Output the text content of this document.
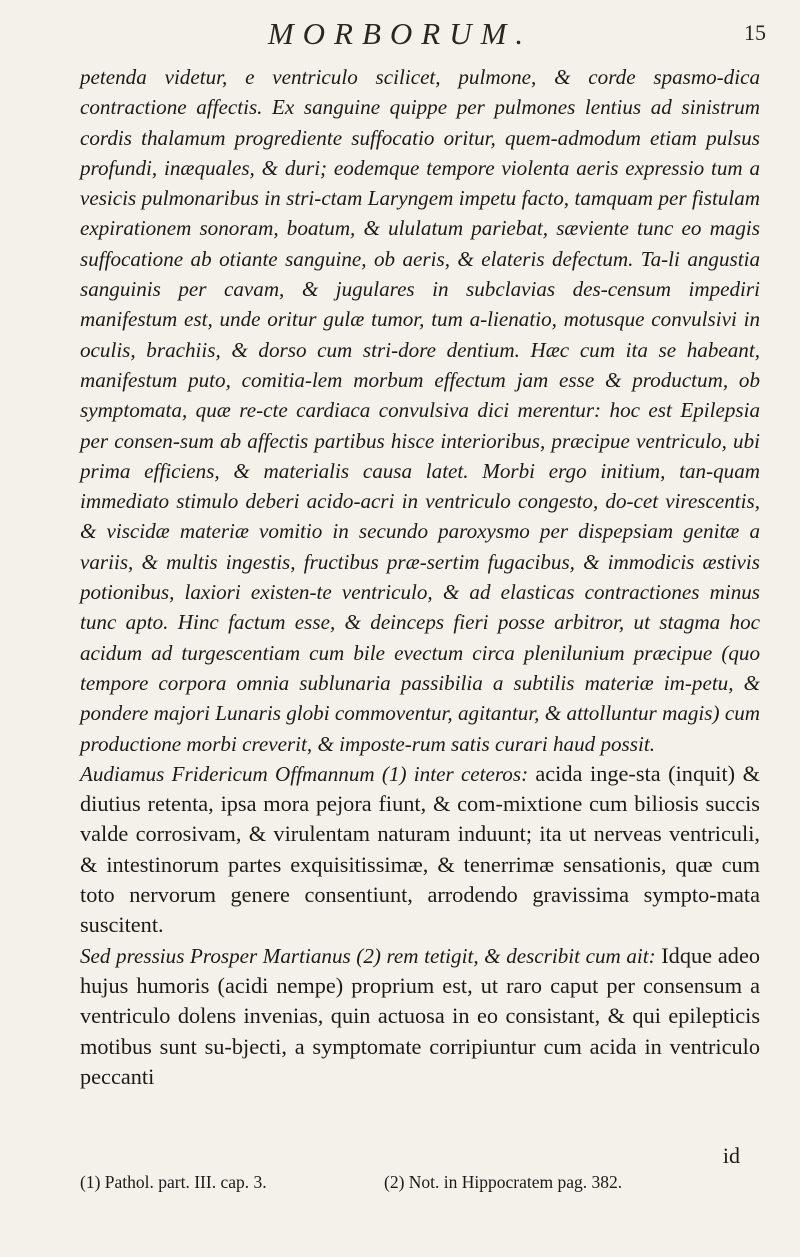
MORBORUM.	15

petenda videtur, e ventriculo scilicet, pulmone, & corde spasmo-dica contractione affectis. Ex sanguine quippe per pulmones lentius ad sinistrum cordis thalamum progrediente suffocatio oritur, quem-admodum etiam pulsus profundi, inæquales, & duri; eodemque tempore violenta aeris expressio tum a vesicis pulmonaribus in stri-ctam Laryngem impetu facto, tamquam per fistulam expirationem sonoram, boatum, & ululatum pariebat, sæviente tunc eo magis suffocatione ab otiante sanguine, ob aeris, & elateris defectum. Ta-li angustia sanguinis per cavam, & jugulares in subclavias des-censum impediri manifestum est, unde oritur gulæ tumor, tum a-lienatio, motusque convulsivi in oculis, brachiis, & dorso cum stri-dore dentium. Hæc cum ita se habeant, manifestum puto, comitia-lem morbum effectum jam esse & productum, ob symptomata, quæ re-cte cardiaca convulsiva dici merentur: hoc est Epilepsia per consen-sum ab affectis partibus hisce interioribus, præcipue ventriculo, ubi prima efficiens, & materialis causa latet. Morbi ergo initium, tan-quam immediato stimulo deberi acido-acri in ventriculo congesto, do-cet virescentis, & viscidæ materiæ vomitio in secundo paroxysmo per dispepsiam genitæ a variis, & multis ingestis, fructibus præ-sertim fugacibus, & immodicis æstivis potionibus, laxiori existen-te ventriculo, & ad elasticas contractiones minus tunc apto. Hinc factum esse, & deinceps fieri posse arbitror, ut stagma hoc acidum ad turgescentiam cum bile evectum circa plenilunium præcipue (quo tempore corpora omnia sublunaria passibilia a subtilis materiæ im-petu, & pondere majori Lunaris globi commoventur, agitantur, & attolluntur magis) cum productione morbi creverit, & imposte-rum satis curari haud possit.

Audiamus Fridericum Offmannum (1) inter ceteros: acida inge-sta (inquit) & diutius retenta, ipsa mora pejora fiunt, & com-mixtione cum biliosis succis valde corrosivam, & virulentam naturam induunt; ita ut nerveas ventriculi, & intestinorum partes exquisitissimæ, & tenerrimæ sensationis, quæ cum toto nervorum genere consentiunt, arrodendo gravissima sympto-mata suscitent.

Sed pressius Prosper Martianus (2) rem tetigit, & describit cum ait: Idque adeo hujus humoris (acidi nempe) proprium est, ut raro caput per consensum a ventriculo dolens invenias, quin actuosa in eo consistant, & qui epilepticis motibus sunt su-bjecti, a symptomate corripiuntur cum acida in ventriculo peccanti

id
(1) Pathol. part. III. cap. 3.	(2) Not. in Hippocratem pag. 382.
